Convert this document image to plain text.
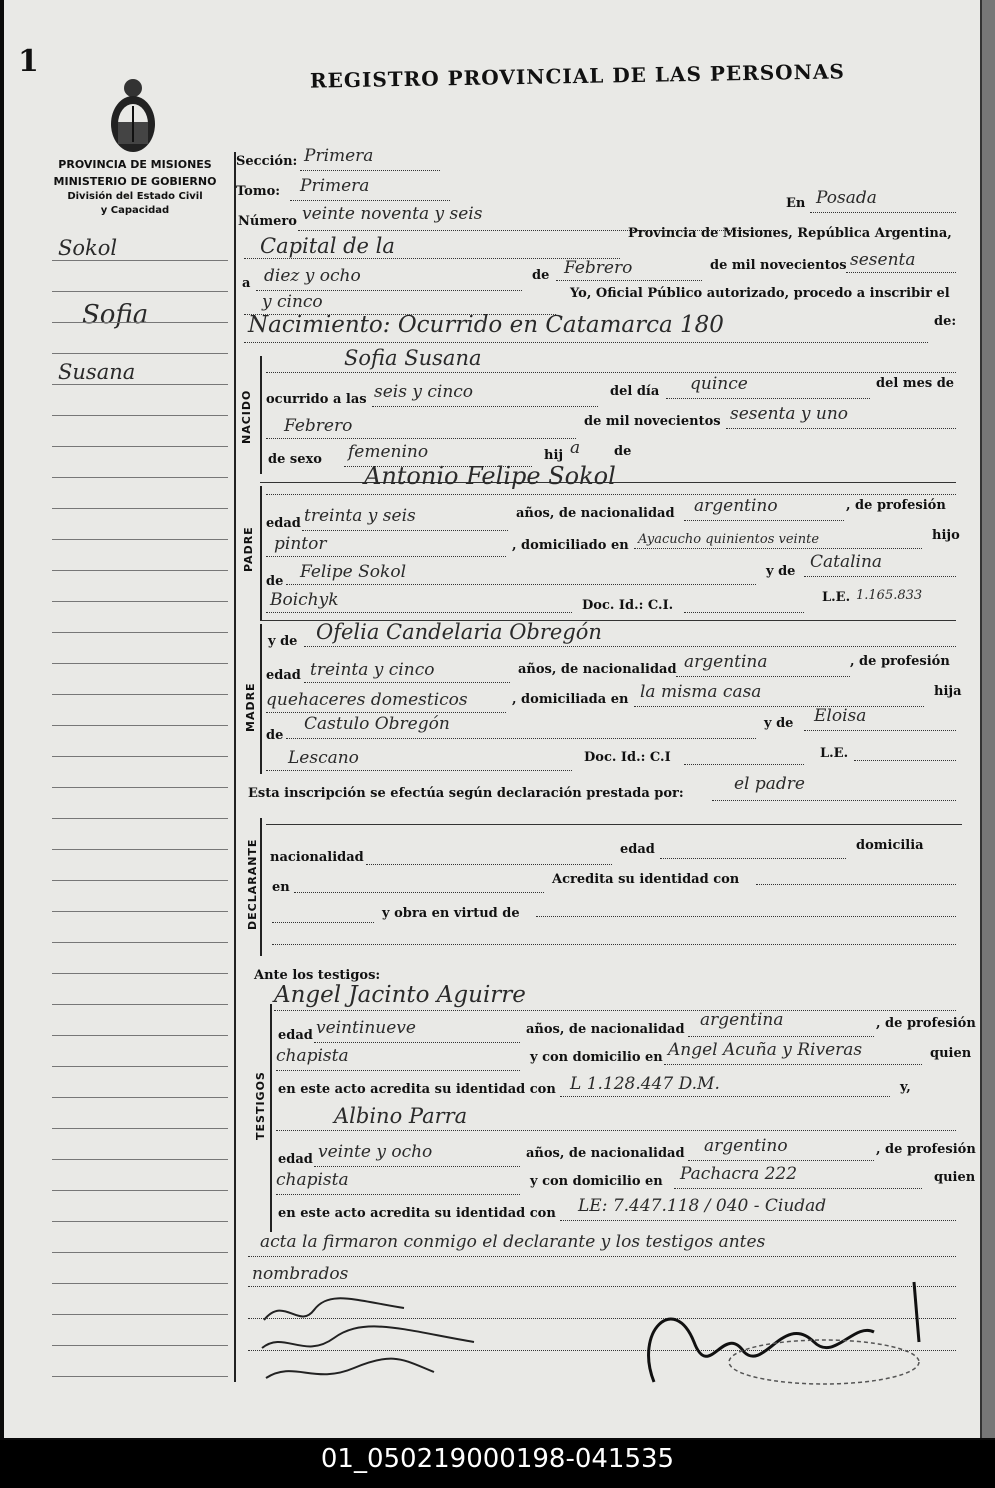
1	REGISTRO PROVINCIAL DE LAS PERSONAS
PROVINCIA DE MISIONES
MINISTERIO DE GOBIERNO
División del Estado Civil
y Capacidad
Sokol
Sofia
Susana
Sección: Primera
Tomo: Primera
Número veinte noventa y seis
En Posada
Capital de la
Provincia de Misiones, República Argentina,
a diez y ocho	de Febrero	de mil novecientos sesenta
y cinco	Yo, Oficial Público autorizado, procedo a inscribir el
Nacimiento: Ocurrido en Catamarca 180	de:
NACIDO
Sofia Susana
ocurrido a las seis y cinco	del día quince	del mes de
Febrero	de mil novecientos sesenta y uno
de sexo femenino	hij a	de
PADRE
Antonio Felipe Sokol
edad treinta y seis	años, de nacionalidad argentino	, de profesión
pintor	, domiciliado en Ayacucho quinientos veinte	hijo
de Felipe Sokol	y de Catalina
Boichyk	Doc. Id.: C.I.
L.E. 1.165.833
MADRE
y de Ofelia Candelaria Obregón
edad treinta y cinco	años, de nacionalidad argentina	, de profesión
quehaceres domesticos	, domiciliada en la misma casa	hija
de
Castulo Obregón	y de Eloisa
Lescano	Doc. Id.: C.I	L.E.
Esta inscripción se efectúa según declaración prestada por:	el padre
DECLARANTE nacionalidad
edad	domicilia
en
Acredita su identidad con
y obra en virtud de
Ante los testigos:
TESTIGOS
Angel Jacinto Aguirre
edad veintinueve	años, de nacionalidad argentina	, de profesión
chapista	y con domicilio en Angel Acuña y Riveras	quien
en este acto acredita su identidad con L 1.128.447 D.M.	y,
Albino Parra
edad veinte y ocho	años, de nacionalidad argentino	, de profesión
chapista	y con domicilio en Pachacra 222	quien
en este acto acredita su identidad con LE: 7.447.118 / 040 - Ciudad
acta la firmaron conmigo el declarante y los testigos antes
nombrados
01_050219000198-041535
